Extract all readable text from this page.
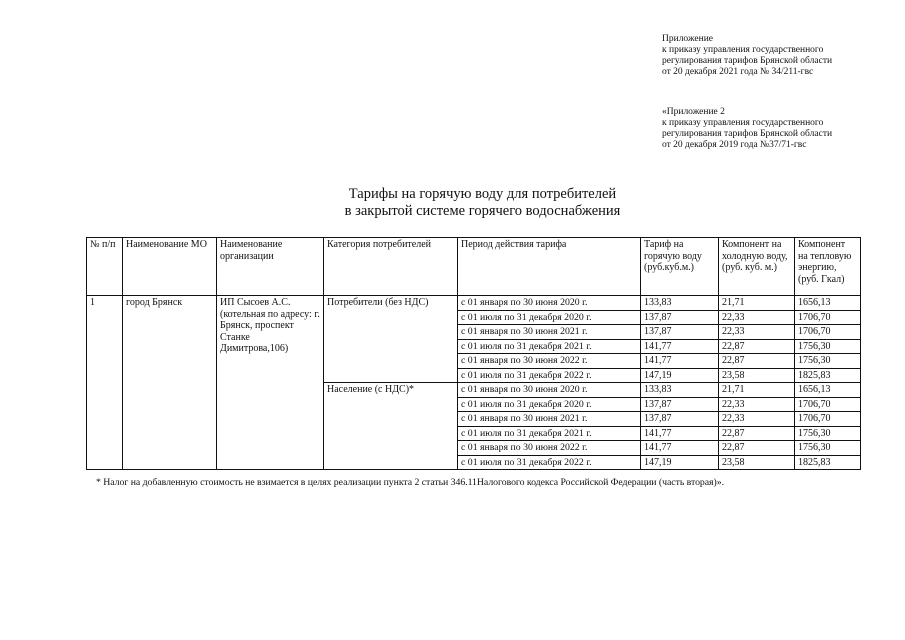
Приложение
к приказу управления государственного
регулирования тарифов Брянской области
от 20 декабря 2021 года № 34/211-гвс
«Приложение 2
к приказу управления государственного
регулирования тарифов Брянской области
от 20 декабря 2019 года №37/71-гвс
Тарифы на горячую воду для потребителей
в закрытой системе горячего водоснабжения
№ п/п	Наименование МО	Наименование организации	Категория потребителей	Период действия тарифа	Тариф на горячую воду (руб.куб.м.)	Компонент на холодную воду, (руб. куб. м.)	Компонент на тепловую энергию, (руб. Гкал)
1	город Брянск	ИП Сысоев А.С. (котельная по адресу: г. Брянск, проспект Станке Димитрова,106)	Потребители (без НДС)	с 01 января по 30 июня 2020 г.	133,83	21,71	1656,13
				с 01 июля по 31 декабря 2020 г.	137,87	22,33	1706,70
				с 01 января по 30 июня 2021 г.	137,87	22,33	1706,70
				с 01 июля по 31 декабря 2021 г.	141,77	22,87	1756,30
				с 01 января по 30 июня 2022 г.	141,77	22,87	1756,30
				с 01 июля по 31 декабря 2022 г.	147,19	23,58	1825,83
			Население (с НДС)*	с 01 января по 30 июня 2020 г.	133,83	21,71	1656,13
				с 01 июля по 31 декабря 2020 г.	137,87	22,33	1706,70
				с 01 января по 30 июня 2021 г.	137,87	22,33	1706,70
				с 01 июля по 31 декабря 2021 г.	141,77	22,87	1756,30
				с 01 января по 30 июня 2022 г.	141,77	22,87	1756,30
				с 01 июля по 31 декабря 2022 г.	147,19	23,58	1825,83
* Налог на добавленную стоимость не взимается в целях реализации пункта 2 статьи 346.11Налогового кодекса Российской Федерации (часть вторая)».
